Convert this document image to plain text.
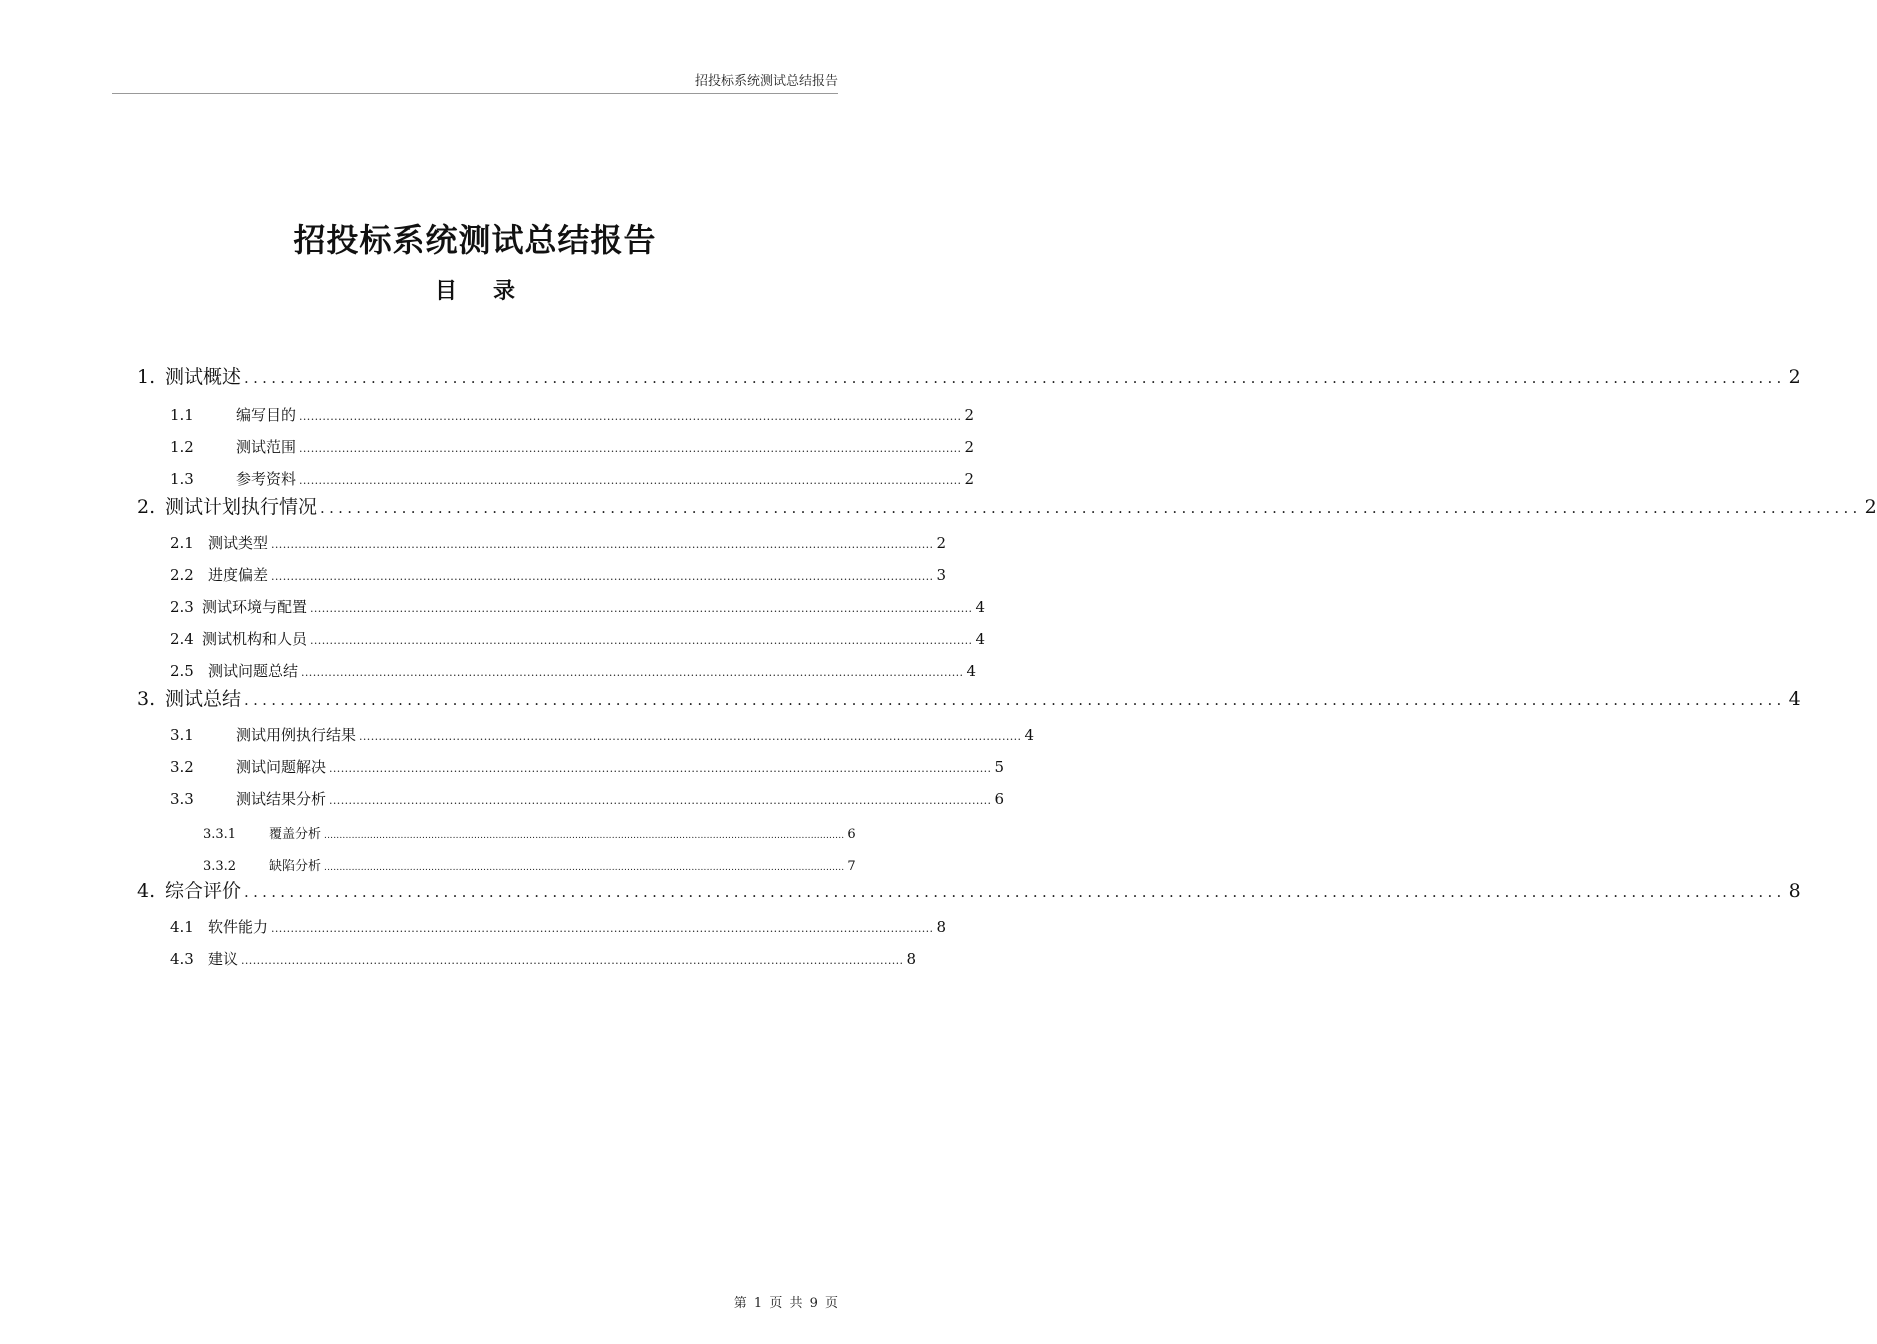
招投标系统测试总结报告
招投标系统测试总结报告
目 录
1. 测试概述 .......................................................................................................................................................................... 2
1.1	编写目的 .......................................................................................................................................................................... 2
1.2	测试范围 .......................................................................................................................................................................... 2
1.3	参考资料 .......................................................................................................................................................................... 2
2. 测试计划执行情况 .......................................................................................................................................................................... 2
2.1 测试类型 .......................................................................................................................................................................... 2
2.2 进度偏差 .......................................................................................................................................................................... 3
2.3 测试环境与配置 .......................................................................................................................................................................... 4
2.4 测试机构和人员 .......................................................................................................................................................................... 4
2.5 测试问题总结 .......................................................................................................................................................................... 4
3. 测试总结 .......................................................................................................................................................................... 4
3.1	测试用例执行结果 .......................................................................................................................................................................... 4
3.2	测试问题解决 .......................................................................................................................................................................... 5
3.3	测试结果分析 .......................................................................................................................................................................... 6
3.3.1	覆盖分析 .......................................................................................................................................................................... 6
3.3.2	缺陷分析 .......................................................................................................................................................................... 7
4. 综合评价 .......................................................................................................................................................................... 8
4.1 软件能力 .......................................................................................................................................................................... 8
4.3 建议 .......................................................................................................................................................................... 8
第 1 页 共 9 页
